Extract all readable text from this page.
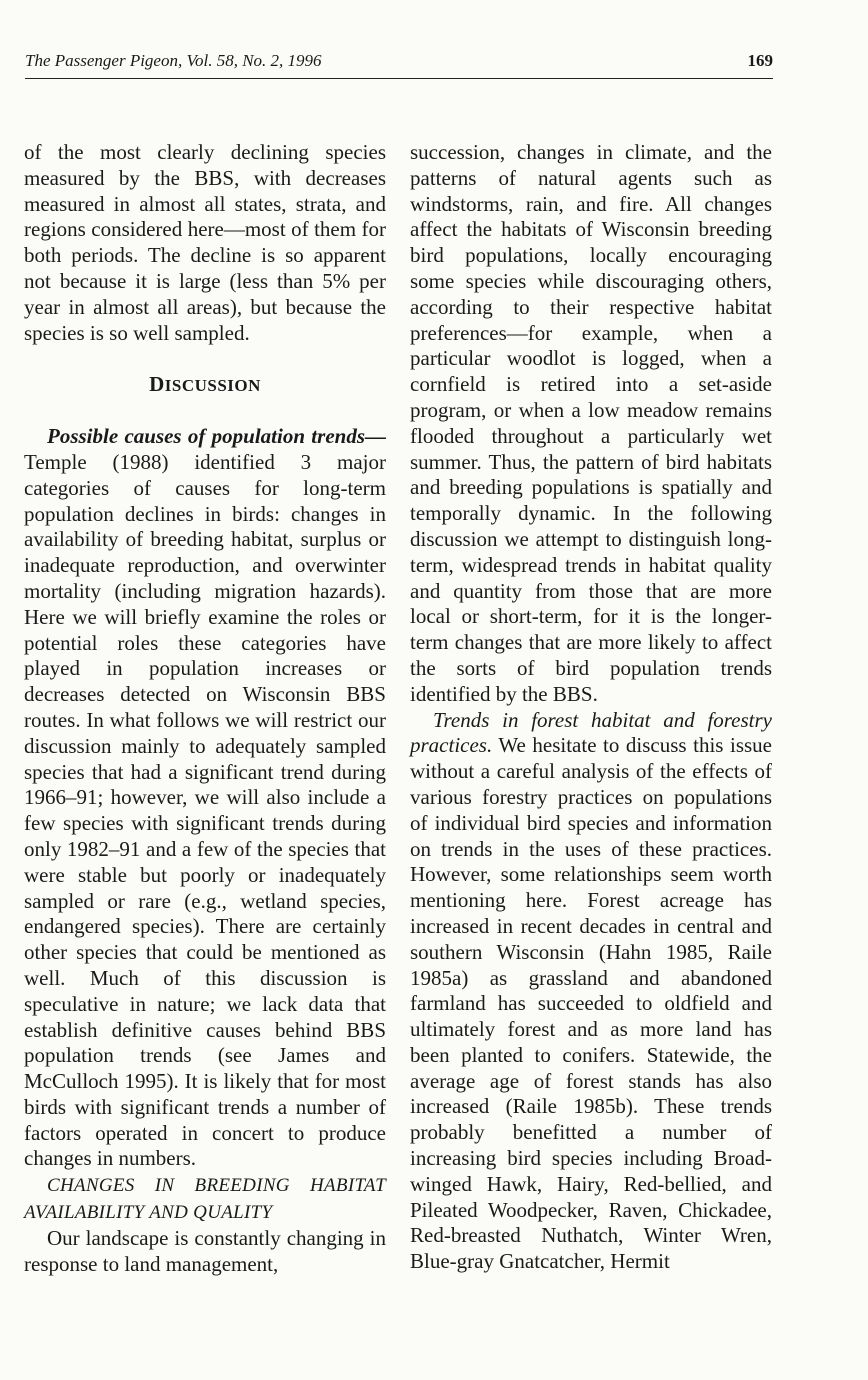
The Passenger Pigeon, Vol. 58, No. 2, 1996	169

of the most clearly declining species measured by the BBS, with decreases measured in almost all states, strata, and regions considered here—most of them for both periods. The decline is so apparent not because it is large (less than 5% per year in almost all areas), but because the species is so well sampled.

DISCUSSION

Possible causes of population trends— Temple (1988) identified 3 major categories of causes for long-term population declines in birds: changes in availability of breeding habitat, surplus or inadequate reproduction, and overwinter mortality (including migration hazards). Here we will briefly examine the roles or potential roles these categories have played in population increases or decreases detected on Wisconsin BBS routes. In what follows we will restrict our discussion mainly to adequately sampled species that had a significant trend during 1966–91; however, we will also include a few species with significant trends during only 1982–91 and a few of the species that were stable but poorly or inadequately sampled or rare (e.g., wetland species, endangered species). There are certainly other species that could be mentioned as well. Much of this discussion is speculative in nature; we lack data that establish definitive causes behind BBS population trends (see James and McCulloch 1995). It is likely that for most birds with significant trends a number of factors operated in concert to produce changes in numbers.

CHANGES IN BREEDING HABITAT AVAILABILITY AND QUALITY

Our landscape is constantly changing in response to land management,

succession, changes in climate, and the patterns of natural agents such as windstorms, rain, and fire. All changes affect the habitats of Wisconsin breeding bird populations, locally encouraging some species while discouraging others, according to their respective habitat preferences—for example, when a particular woodlot is logged, when a cornfield is retired into a set-aside program, or when a low meadow remains flooded throughout a particularly wet summer. Thus, the pattern of bird habitats and breeding populations is spatially and temporally dynamic. In the following discussion we attempt to distinguish long-term, widespread trends in habitat quality and quantity from those that are more local or short-term, for it is the longer-term changes that are more likely to affect the sorts of bird population trends identified by the BBS.

Trends in forest habitat and forestry practices. We hesitate to discuss this issue without a careful analysis of the effects of various forestry practices on populations of individual bird species and information on trends in the uses of these practices. However, some relationships seem worth mentioning here. Forest acreage has increased in recent decades in central and southern Wisconsin (Hahn 1985, Raile 1985a) as grassland and abandoned farmland has succeeded to oldfield and ultimately forest and as more land has been planted to conifers. Statewide, the average age of forest stands has also increased (Raile 1985b). These trends probably benefitted a number of increasing bird species including Broad-winged Hawk, Hairy, Red-bellied, and Pileated Woodpecker, Raven, Chickadee, Red-breasted Nuthatch, Winter Wren, Blue-gray Gnatcatcher, Hermit
